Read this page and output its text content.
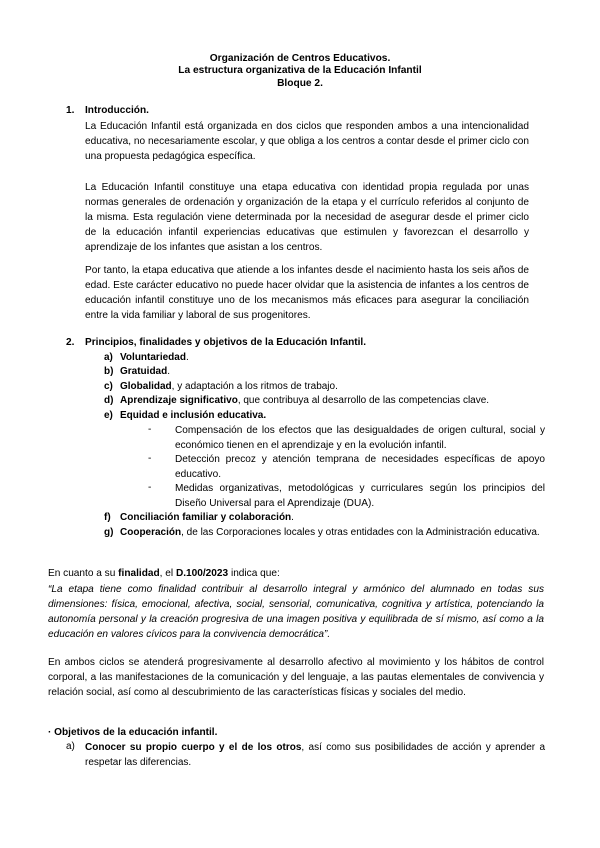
Organización de Centros Educativos.
La estructura organizativa de la Educación Infantil
Bloque 2.
1. Introducción.

La Educación Infantil está organizada en dos ciclos que responden ambos a una intencionalidad educativa, no necesariamente escolar, y que obliga a los centros a contar desde el primer ciclo con una propuesta pedagógica específica.

La Educación Infantil constituye una etapa educativa con identidad propia regulada por unas normas generales de ordenación y organización de la etapa y el currículo referidos al conjunto de la misma. Esta regulación viene determinada por la necesidad de asegurar desde el primer ciclo de la educación infantil experiencias educativas que estimulen y favorezcan el desarrollo y aprendizaje de los infantes que asistan a los centros.

Por tanto, la etapa educativa que atiende a los infantes desde el nacimiento hasta los seis años de edad. Este carácter educativo no puede hacer olvidar que la asistencia de infantes a los centros de educación infantil constituye uno de los mecanismos más eficaces para asegurar la conciliación entre la vida familiar y laboral de sus progenitores.

2. Principios, finalidades y objetivos de la Educación Infantil.
a) Voluntariedad.
b) Gratuidad.
c) Globalidad, y adaptación a los ritmos de trabajo.
d) Aprendizaje significativo, que contribuya al desarrollo de las competencias clave.
e) Equidad e inclusión educativa.
- Compensación de los efectos que las desigualdades de origen cultural, social y económico tienen en el aprendizaje y en la evolución infantil.

- Detección precoz y atención temprana de necesidades específicas de apoyo educativo.

- Medidas organizativas, metodológicas y curriculares según los principios del Diseño Universal para el Aprendizaje (DUA).

f) Conciliación familiar y colaboración.
g) Cooperación, de las Corporaciones locales y otras entidades con la Administración educativa.

En cuanto a su finalidad, el D.100/2023 indica que:

“La etapa tiene como finalidad contribuir al desarrollo integral y armónico del alumnado en todas sus dimensiones: física, emocional, afectiva, social, sensorial, comunicativa, cognitiva y artística, potenciando la autonomía personal y la creación progresiva de una imagen positiva y equilibrada de sí mismo, así como a la educación en valores cívicos para la convivencia democrática”.

En ambos ciclos se atenderá progresivamente al desarrollo afectivo al movimiento y los hábitos de control corporal, a las manifestaciones de la comunicación y del lenguaje, a las pautas elementales de convivencia y relación social, así como al descubrimiento de las características físicas y sociales del medio.

· Objetivos de la educación infantil.
a) Conocer su propio cuerpo y el de los otros, así como sus posibilidades de acción y aprender a respetar las diferencias.
